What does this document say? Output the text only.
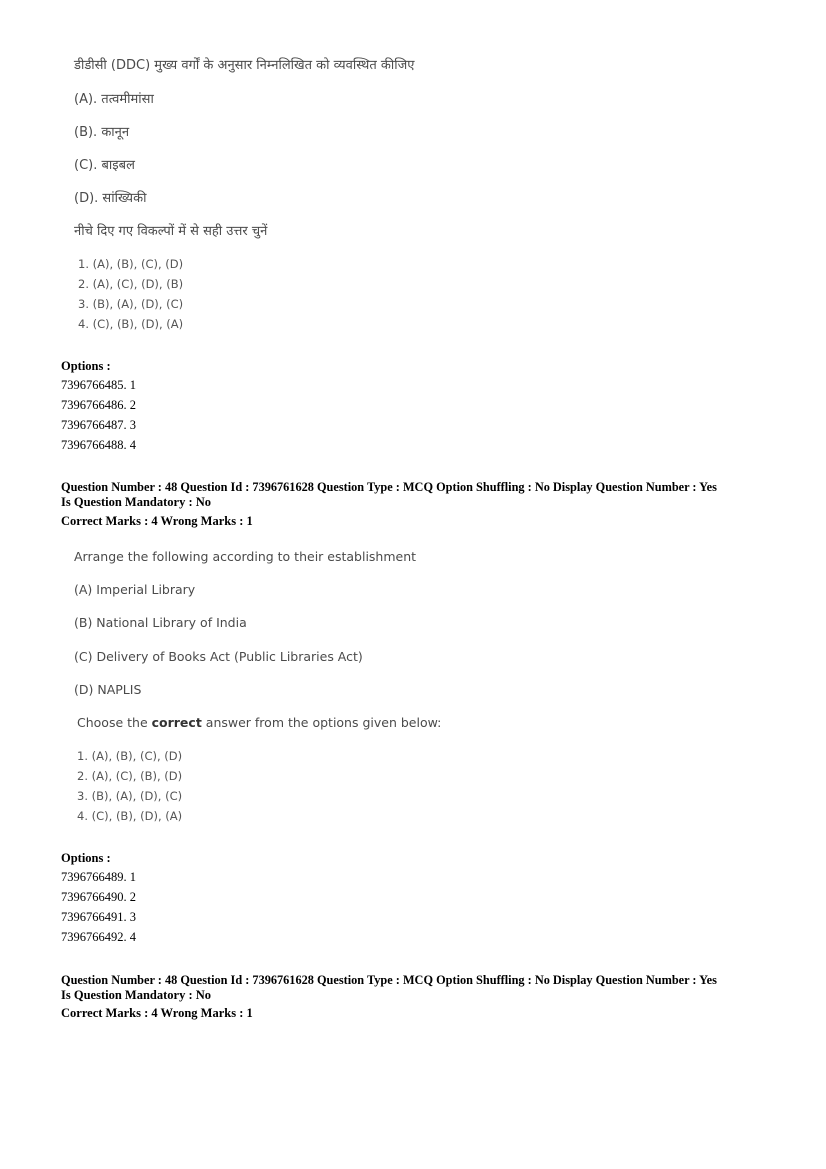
डीडीसी (DDC) मुख्य वर्गों के अनुसार निम्नलिखित को व्यवस्थित कीजिए
(A). तत्वमीमांसा
(B). कानून
(C). बाइबल
(D). सांख्यिकी
नीचे दिए गए विकल्पों में से सही उत्तर चुनें
1. (A), (B), (C), (D)
2. (A), (C), (D), (B)
3. (B), (A), (D), (C)
4. (C), (B), (D), (A)
Options :
7396766485. 1
7396766486. 2
7396766487. 3
7396766488. 4
Question Number : 48 Question Id : 7396761628 Question Type : MCQ Option Shuffling : No Display Question Number : Yes
Is Question Mandatory : No
Correct Marks : 4 Wrong Marks : 1
Arrange the following according to their establishment
(A) Imperial Library
(B) National Library of India
(C) Delivery of Books Act (Public Libraries Act)
(D) NAPLIS
Choose the correct answer from the options given below:
1. (A), (B), (C), (D)
2. (A), (C), (B), (D)
3. (B), (A), (D), (C)
4. (C), (B), (D), (A)
Options :
7396766489. 1
7396766490. 2
7396766491. 3
7396766492. 4
Question Number : 48 Question Id : 7396761628 Question Type : MCQ Option Shuffling : No Display Question Number : Yes
Is Question Mandatory : No
Correct Marks : 4 Wrong Marks : 1
